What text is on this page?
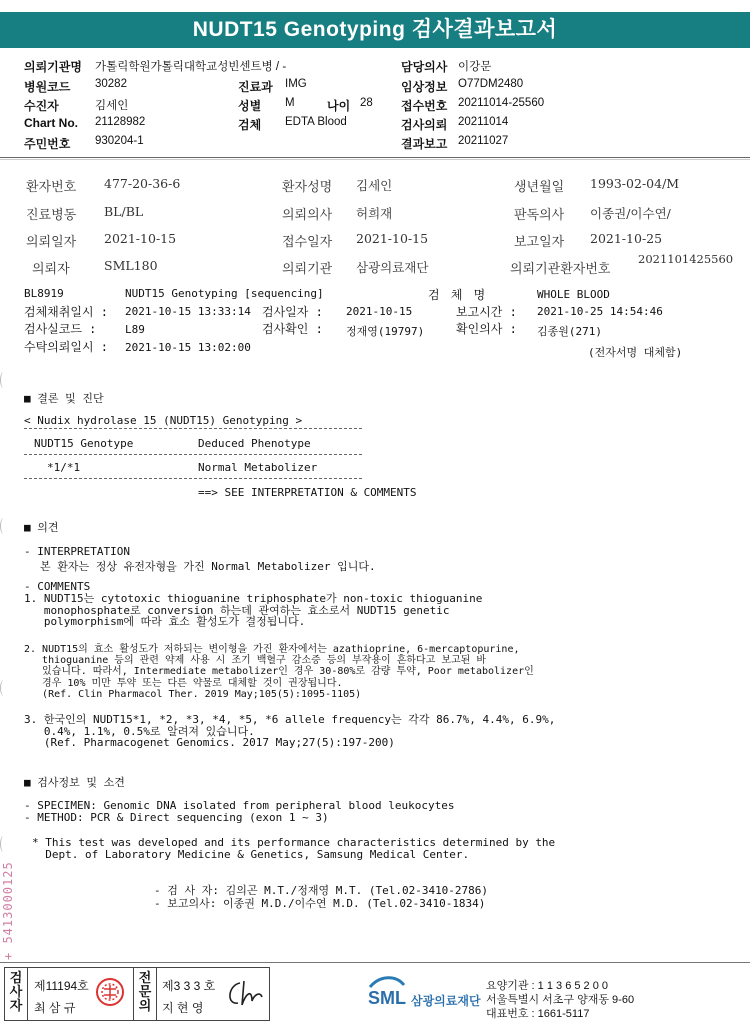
NUDT15 Genotyping 검사결과보고서
의뢰기관명 가톨릭학원가톨릭대학교성빈센트병 / -
병원코드 30282
수진자	김세인
Chart No. 21128982
주민번호 930204-1
진료과 IMG
성별 M	나이 28
검체 EDTA Blood
담당의사 이강문
임상정보 O77DM2480
접수번호 20211014-25560
검사의뢰 20211014
결과보고 20211027
환자번호 477-20-36-6	환자성명 김세인	생년월일 1993-02-04/M
진료병동 BL/BL	의뢰의사 허희재	판독의사 이종권/이수연/
의뢰일자 2021-10-15	접수일자 2021-10-15	보고일자 2021-10-25
의뢰자	SML180	의뢰기관 삼광의료재단	의뢰기관환자번호
2021101425560
BL8919	NUDT15 Genotyping [sequencing]	검 체 명	WHOLE BLOOD
검체채취일시 : 2021-10-15 13:33:14 검사일자 : 2021-10-15	보고시간 : 2021-10-25 14:54:46
검사실코드 :	L89	검사확인 : 정재영(19797)	확인의사 : 김종원(271)
수탁의뢰일시 : 2021-10-15 13:02:00	(전자서명 대체함)
■ 결론 및 진단
< Nudix hydrolase 15 (NUDT15) Genotyping >
NUDT15 Genotype	Deduced Phenotype
*1/*1	Normal Metabolizer
==> SEE INTERPRETATION & COMMENTS
■ 의견
- INTERPRETATION
본 환자는 정상 유전자형을 가진 Normal Metabolizer 입니다.
- COMMENTS
1. NUDT15는 cytotoxic thioguanine triphosphate가 non-toxic thioguanine
monophosphate로 conversion 하는데 관여하는 효소로서 NUDT15 genetic
polymorphism에 따라 효소 활성도가 결정됩니다.
2. NUDT15의 효소 활성도가 저하되는 변이형을 가진 환자에서는 azathioprine, 6-mercaptopurine,
thioguanine 등의 관련 약제 사용 시 조기 백혈구 감소증 등의 부작용이 흔하다고 보고된 바
있습니다. 따라서, Intermediate metabolizer인 경우 30-80%로 감량 투약, Poor metabolizer인
경우 10% 미만 투약 또는 다른 약물로 대체할 것이 권장됩니다.
(Ref. Clin Pharmacol Ther. 2019 May;105(5):1095-1105)
3. 한국인의 NUDT15*1, *2, *3, *4, *5, *6 allele frequency는 각각 86.7%, 4.4%, 6.9%,
0.4%, 1.1%, 0.5%로 알려져 있습니다.
(Ref. Pharmacogenet Genomics. 2017 May;27(5):197-200)
■ 검사정보 및 소견
- SPECIMEN: Genomic DNA isolated from peripheral blood leukocytes
- METHOD: PCR & Direct sequencing (exon 1 ~ 3)
* This test was developed and its performance characteristics determined by the
Dept. of Laboratory Medicine & Genetics, Samsung Medical Center.
- 검 사 자: 김의곤 M.T./정재영 M.T. (Tel.02-3410-2786)
- 보고의사: 이종권 M.D./이수연 M.D. (Tel.02-3410-1834)
+ 5413000125
검사자
제11194호
최 삼 규
전문의
제3 3 3 호
지 현 영	SML 삼광의료재단
요양기관 : 1 1 3 6 5 2 0 0
서울특별시 서초구 양재동 9-60
대표번호 : 1661-5117
